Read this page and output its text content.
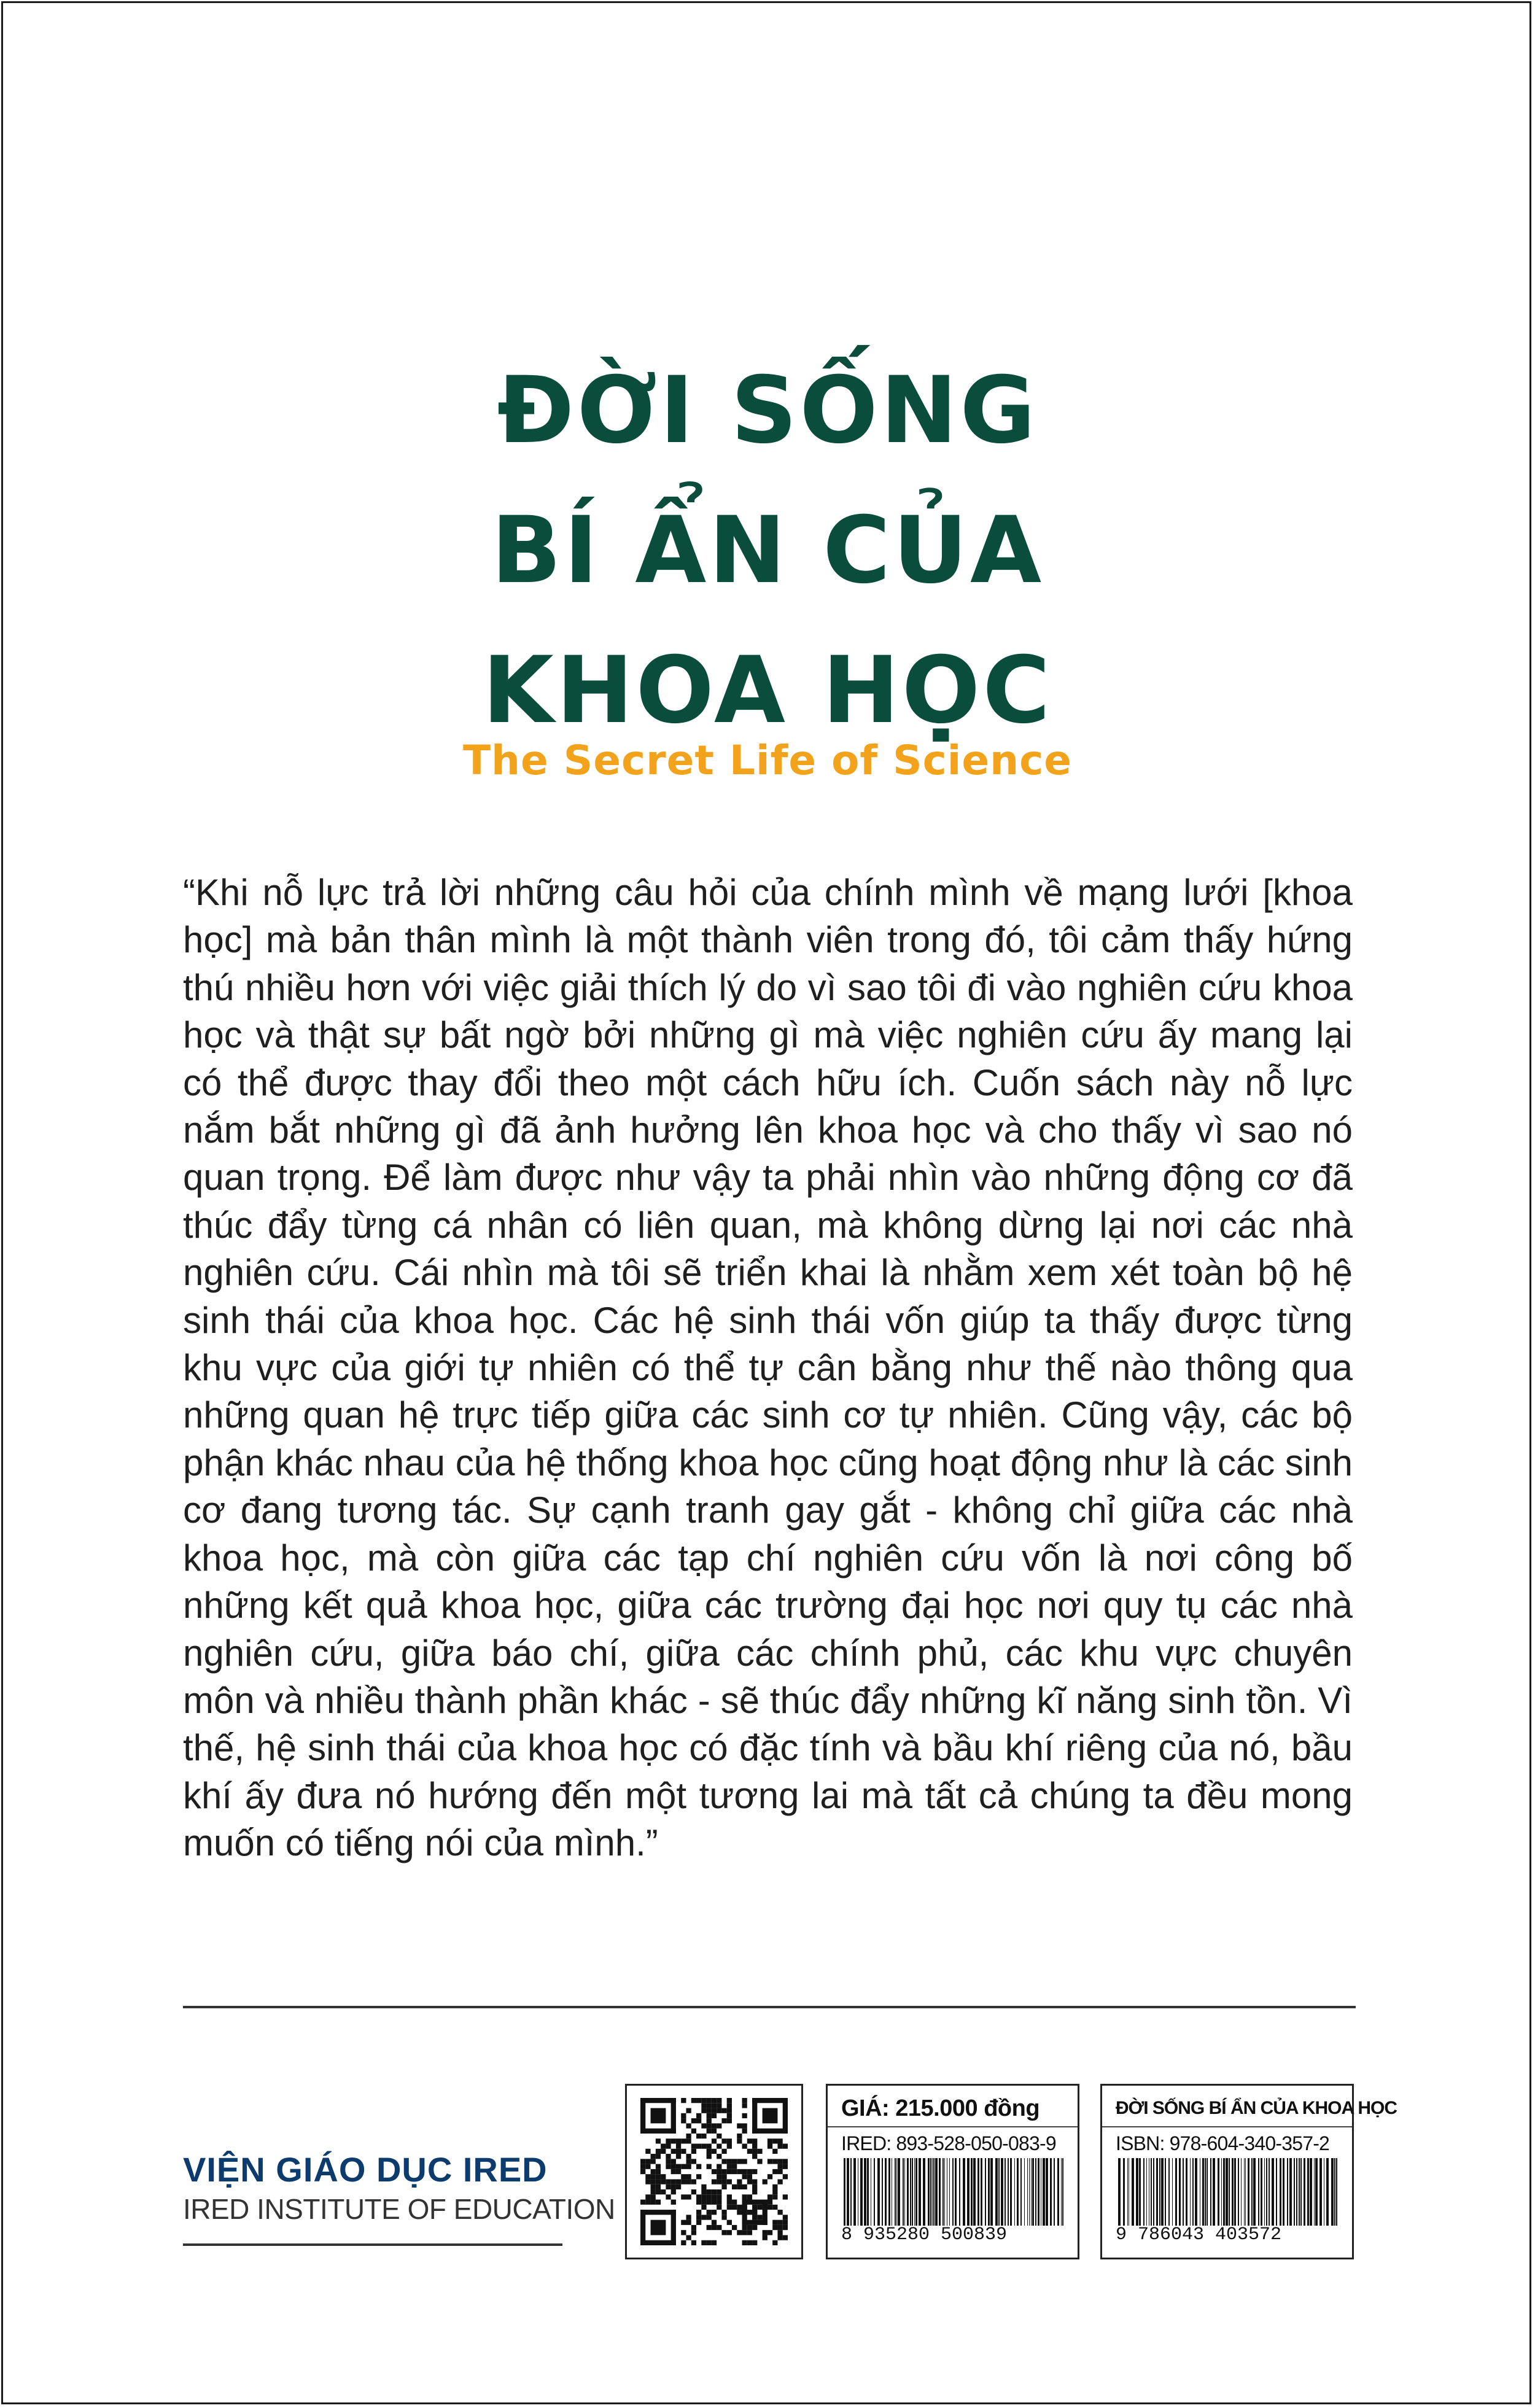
ĐỜI SỐNG
BÍ ẨN CỦA
KHOA HỌC
The Secret Life of Science

“Khi nỗ lực trả lời những câu hỏi của chính mình về mạng lưới [khoa học] mà bản thân mình là một thành viên trong đó, tôi cảm thấy hứng thú nhiều hơn với việc giải thích lý do vì sao tôi đi vào nghiên cứu khoa học và thật sự bất ngờ bởi những gì mà việc nghiên cứu ấy mang lại có thể được thay đổi theo một cách hữu ích. Cuốn sách này nỗ lực nắm bắt những gì đã ảnh hưởng lên khoa học và cho thấy vì sao nó quan trọng. Để làm được như vậy ta phải nhìn vào những động cơ đã thúc đẩy từng cá nhân có liên quan, mà không dừng lại nơi các nhà nghiên cứu. Cái nhìn mà tôi sẽ triển khai là nhằm xem xét toàn bộ hệ sinh thái của khoa học. Các hệ sinh thái vốn giúp ta thấy được từng khu vực của giới tự nhiên có thể tự cân bằng như thế nào thông qua những quan hệ trực tiếp giữa các sinh cơ tự nhiên. Cũng vậy, các bộ phận khác nhau của hệ thống khoa học cũng hoạt động như là các sinh cơ đang tương tác. Sự cạnh tranh gay gắt - không chỉ giữa các nhà khoa học, mà còn giữa các tạp chí nghiên cứu vốn là nơi công bố những kết quả khoa học, giữa các trường đại học nơi quy tụ các nhà nghiên cứu, giữa báo chí, giữa các chính phủ, các khu vực chuyên môn và nhiều thành phần khác - sẽ thúc đẩy những kĩ năng sinh tồn. Vì thế, hệ sinh thái của khoa học có đặc tính và bầu khí riêng của nó, bầu khí ấy đưa nó hướng đến một tương lai mà tất cả chúng ta đều mong muốn có tiếng nói của mình.”

VIỆN GIÁO DỤC IRED
IRED INSTITUTE OF EDUCATION
GIÁ: 215.000 đồng
IRED: 893-528-050-083-9
8 935280 500839
ĐỜI SỐNG BÍ ẨN CỦA KHOA HỌC
ISBN: 978-604-340-357-2
9 786043 403572
